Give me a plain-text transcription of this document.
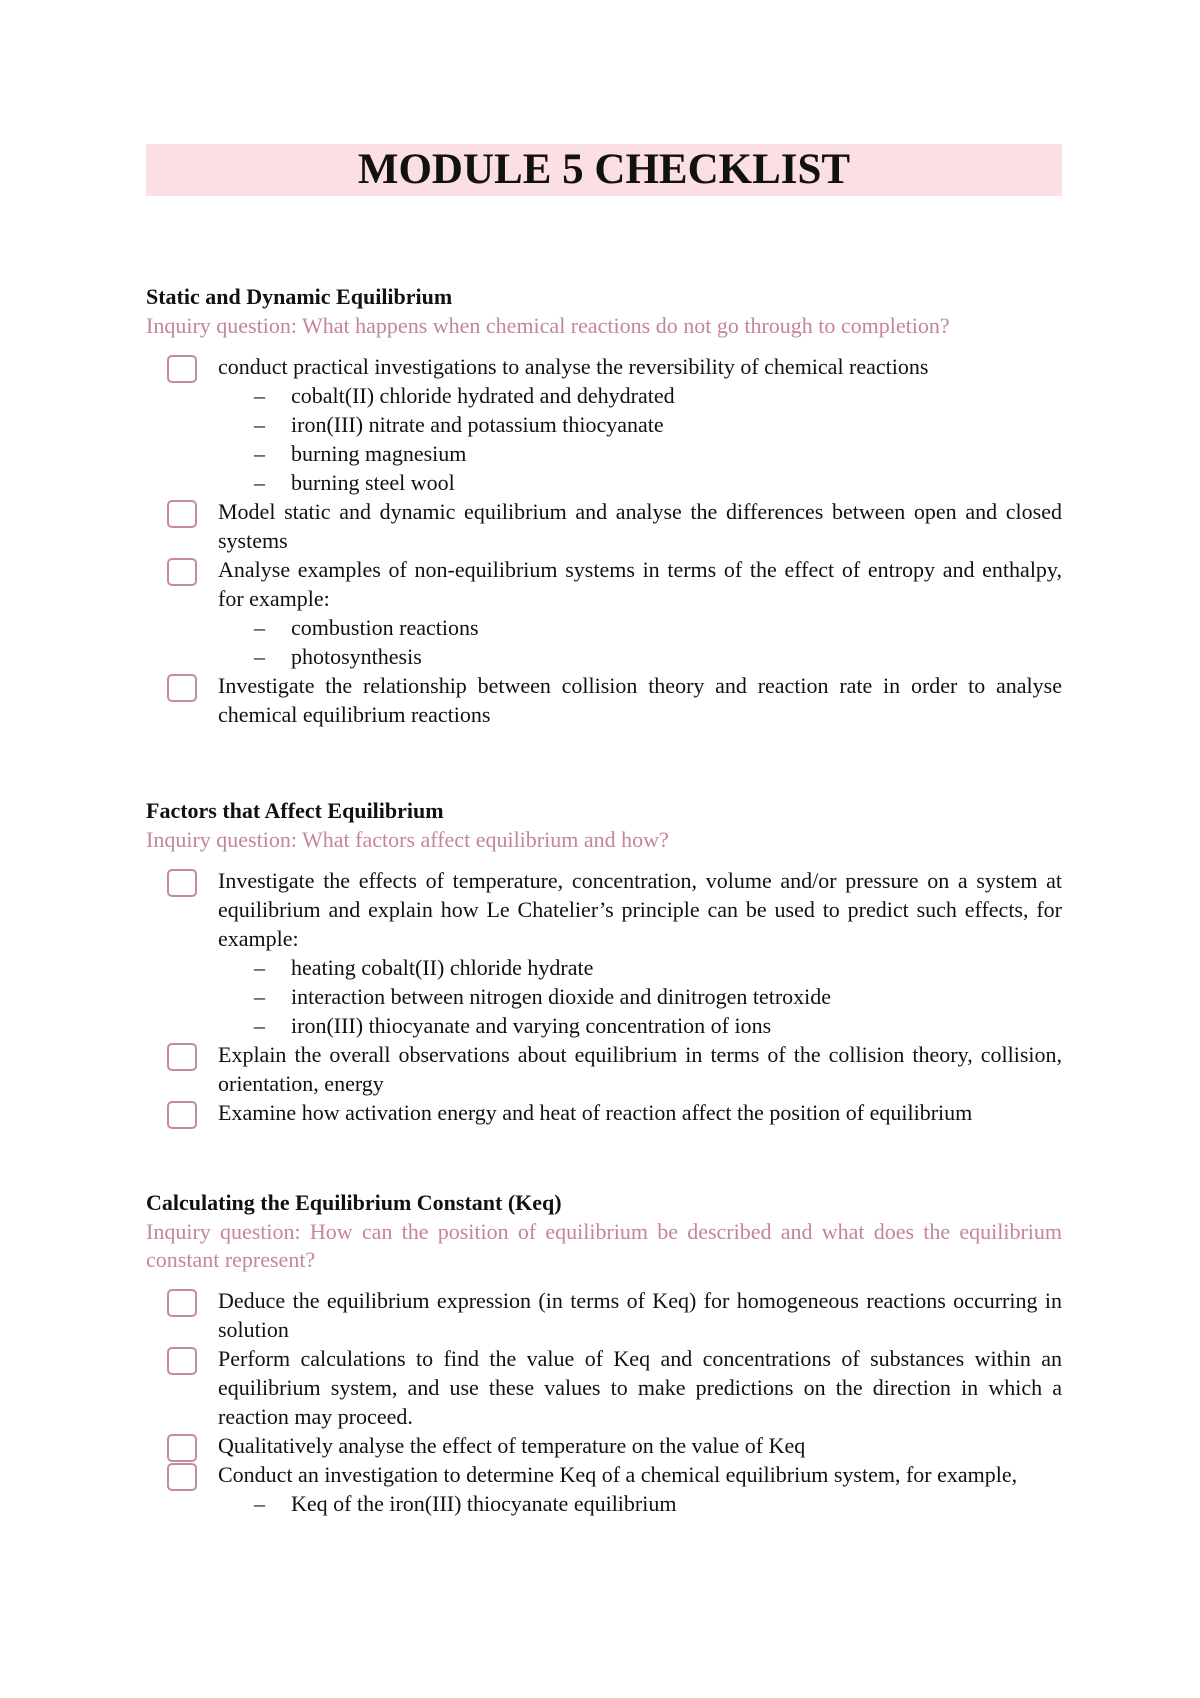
MODULE 5 CHECKLIST

Static and Dynamic Equilibrium

Inquiry question: What happens when chemical reactions do not go through to completion?

conduct practical investigations to analyse the reversibility of chemical reactions

– cobalt(II) chloride hydrated and dehydrated
– iron(III) nitrate and potassium thiocyanate
– burning magnesium
– burning steel wool

Model static and dynamic equilibrium and analyse the differences between open and closed systems

Analyse examples of non-equilibrium systems in terms of the effect of entropy and enthalpy, for example:

– combustion reactions
– photosynthesis

Investigate the relationship between collision theory and reaction rate in order to analyse chemical equilibrium reactions

Factors that Affect Equilibrium

Inquiry question: What factors affect equilibrium and how?

Investigate the effects of temperature, concentration, volume and/or pressure on a system at equilibrium and explain how Le Chatelier’s principle can be used to predict such effects, for example:

– heating cobalt(II) chloride hydrate
– interaction between nitrogen dioxide and dinitrogen tetroxide
– iron(III) thiocyanate and varying concentration of ions

Explain the overall observations about equilibrium in terms of the collision theory, collision, orientation, energy

Examine how activation energy and heat of reaction affect the position of equilibrium

Calculating the Equilibrium Constant (Keq)

Inquiry question: How can the position of equilibrium be described and what does the equilibrium constant represent?

Deduce the equilibrium expression (in terms of Keq) for homogeneous reactions occurring in solution

Perform calculations to find the value of Keq and concentrations of substances within an equilibrium system, and use these values to make predictions on the direction in which a reaction may proceed.

Qualitatively analyse the effect of temperature on the value of Keq

Conduct an investigation to determine Keq of a chemical equilibrium system, for example,

– Keq of the iron(III) thiocyanate equilibrium
